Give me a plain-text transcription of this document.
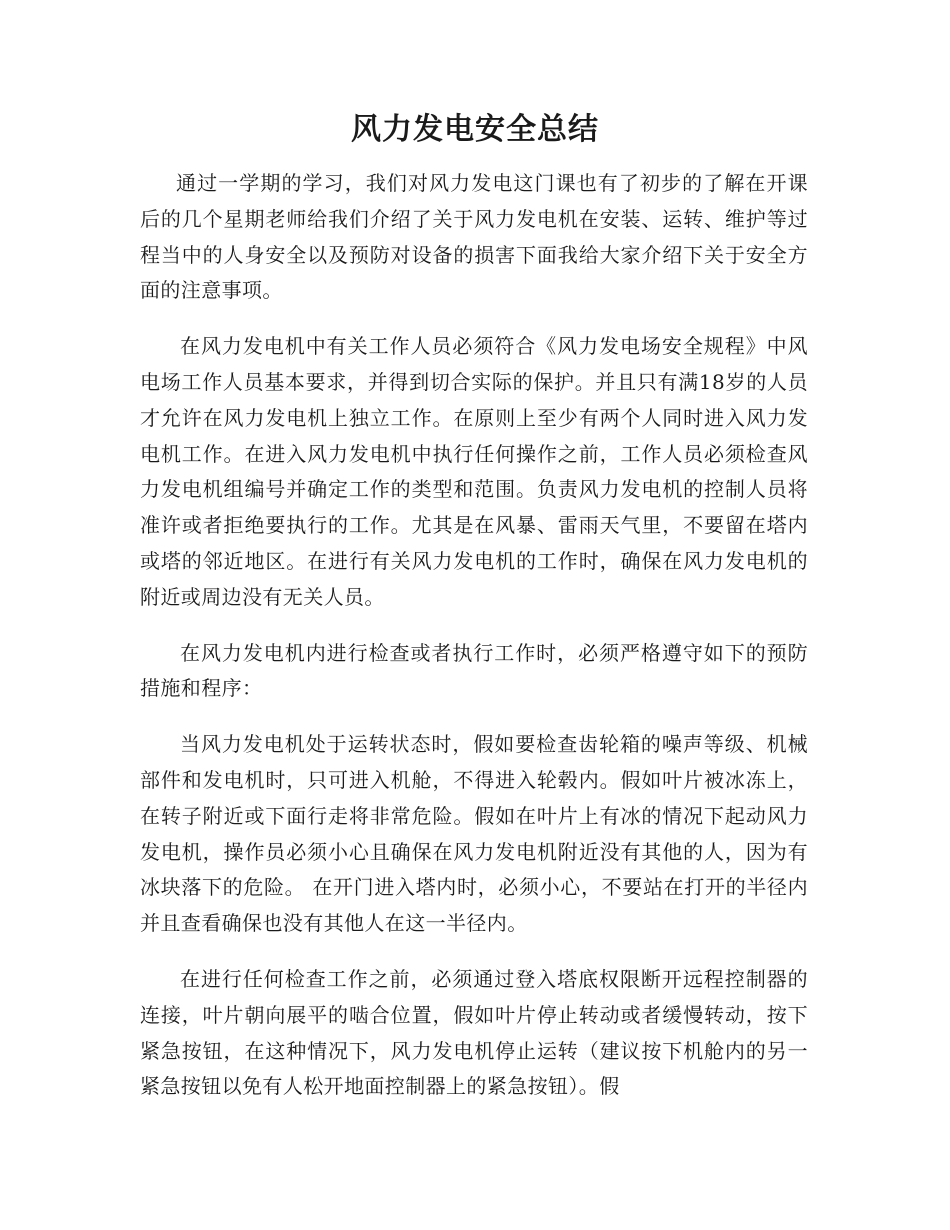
风力发电安全总结

通过一学期的学习，我们对风力发电这门课也有了初步的了解在开课后的几个星期老师给我们介绍了关于风力发电机在安装、运转、维护等过程当中的人身安全以及预防对设备的损害下面我给大家介绍下关于安全方面的注意事项。

在风力发电机中有关工作人员必须符合《风力发电场安全规程》中风电场工作人员基本要求，并得到切合实际的保护。并且只有满18岁的人员才允许在风力发电机上独立工作。在原则上至少有两个人同时进入风力发电机工作。在进入风力发电机中执行任何操作之前，工作人员必须检查风力发电机组编号并确定工作的类型和范围。负责风力发电机的控制人员将准许或者拒绝要执行的工作。尤其是在风暴、雷雨天气里，不要留在塔内或塔的邻近地区。在进行有关风力发电机的工作时，确保在风力发电机的附近或周边没有无关人员。

在风力发电机内进行检查或者执行工作时，必须严格遵守如下的预防措施和程序：

当风力发电机处于运转状态时，假如要检查齿轮箱的噪声等级、机械部件和发电机时，只可进入机舱，不得进入轮毂内。假如叶片被冰冻上，在转子附近或下面行走将非常危险。假如在叶片上有冰的情况下起动风力发电机，操作员必须小心且确保在风力发电机附近没有其他的人，因为有冰块落下的危险。 在开门进入塔内时，必须小心，不要站在打开的半径内并且查看确保也没有其他人在这一半径内。

在进行任何检查工作之前，必须通过登入塔底权限断开远程控制器的连接，叶片朝向展平的啮合位置，假如叶片停止转动或者缓慢转动，按下紧急按钮，在这种情况下，风力发电机停止运转（建议按下机舱内的另一紧急按钮以免有人松开地面控制器上的紧急按钮）。假
